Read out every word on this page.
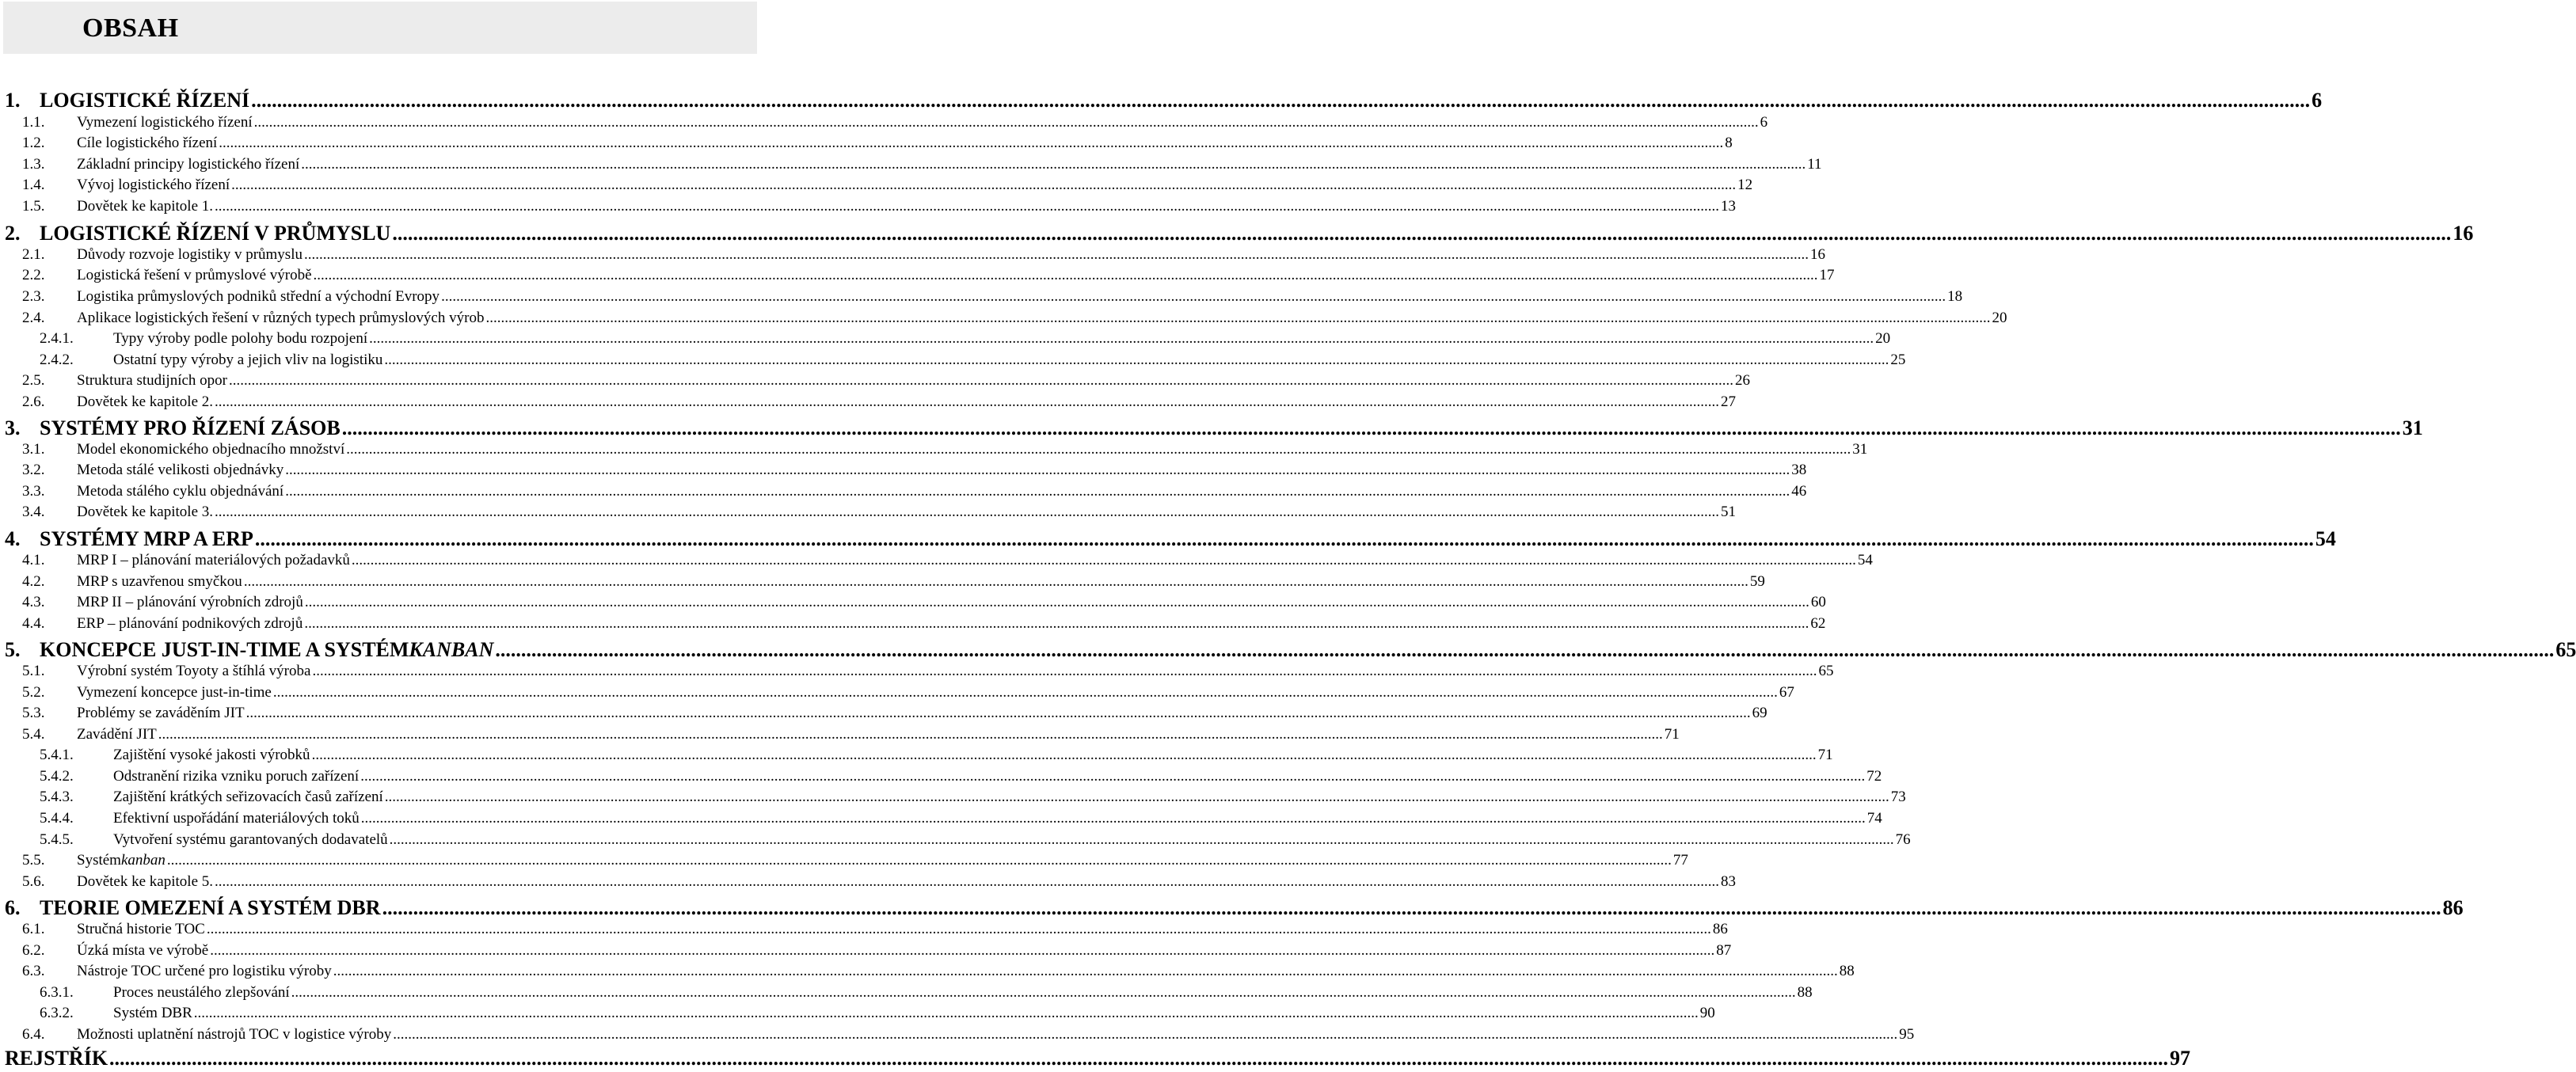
OBSAH
1. LOGISTICKÉ ŘÍZENÍ ................................................................................................................................................................................................................................................................................................................................................................................................................ 6
1.1. Vymezení logistického řízení ................................................................................................................................................................................................................................................................................................................................................................................................................ 6
1.2. Cíle logistického řízení ................................................................................................................................................................................................................................................................................................................................................................................................................ 8
1.3. Základní principy logistického řízení ................................................................................................................................................................................................................................................................................................................................................................................................................ 11
1.4. Vývoj logistického řízení ................................................................................................................................................................................................................................................................................................................................................................................................................ 12
1.5. Dovětek ke kapitole 1. ................................................................................................................................................................................................................................................................................................................................................................................................................ 13
2. LOGISTICKÉ ŘÍZENÍ V PRŮMYSLU ................................................................................................................................................................................................................................................................................................................................................................................................................ 16
2.1. Důvody rozvoje logistiky v průmyslu ................................................................................................................................................................................................................................................................................................................................................................................................................ 16
2.2. Logistická řešení v průmyslové výrobě ................................................................................................................................................................................................................................................................................................................................................................................................................ 17
2.3. Logistika průmyslových podniků střední a východní Evropy ................................................................................................................................................................................................................................................................................................................................................................................................................ 18
2.4. Aplikace logistických řešení v různých typech průmyslových výrob ................................................................................................................................................................................................................................................................................................................................................................................................................ 20
2.4.1.	Typy výroby podle polohy bodu rozpojení ................................................................................................................................................................................................................................................................................................................................................................................................................ 20
2.4.2.	Ostatní typy výroby a jejich vliv na logistiku ................................................................................................................................................................................................................................................................................................................................................................................................................ 25
2.5. Struktura studijních opor ................................................................................................................................................................................................................................................................................................................................................................................................................ 26
2.6. Dovětek ke kapitole 2. ................................................................................................................................................................................................................................................................................................................................................................................................................ 27
3. SYSTÉMY PRO ŘÍZENÍ ZÁSOB ................................................................................................................................................................................................................................................................................................................................................................................................................ 31
3.1. Model ekonomického objednacího množství ................................................................................................................................................................................................................................................................................................................................................................................................................ 31
3.2. Metoda stálé velikosti objednávky ................................................................................................................................................................................................................................................................................................................................................................................................................ 38
3.3. Metoda stálého cyklu objednávání ................................................................................................................................................................................................................................................................................................................................................................................................................ 46
3.4. Dovětek ke kapitole 3. ................................................................................................................................................................................................................................................................................................................................................................................................................ 51
4. SYSTÉMY MRP A ERP ................................................................................................................................................................................................................................................................................................................................................................................................................ 54
4.1. MRP I – plánování materiálových požadavků ................................................................................................................................................................................................................................................................................................................................................................................................................ 54
4.2. MRP s uzavřenou smyčkou ................................................................................................................................................................................................................................................................................................................................................................................................................ 59
4.3. MRP II – plánování výrobních zdrojů ................................................................................................................................................................................................................................................................................................................................................................................................................ 60
4.4. ERP – plánování podnikových zdrojů ................................................................................................................................................................................................................................................................................................................................................................................................................ 62
5. KONCEPCE JUST-IN-TIME A SYSTÉM KANBAN ................................................................................................................................................................................................................................................................................................................................................................................................................ 65
5.1. Výrobní systém Toyoty a štíhlá výroba ................................................................................................................................................................................................................................................................................................................................................................................................................ 65
5.2. Vymezení koncepce just-in-time ................................................................................................................................................................................................................................................................................................................................................................................................................ 67
5.3. Problémy se zaváděním JIT ................................................................................................................................................................................................................................................................................................................................................................................................................ 69
5.4. Zavádění JIT ................................................................................................................................................................................................................................................................................................................................................................................................................ 71
5.4.1.	Zajištění vysoké jakosti výrobků ................................................................................................................................................................................................................................................................................................................................................................................................................ 71
5.4.2.	Odstranění rizika vzniku poruch zařízení ................................................................................................................................................................................................................................................................................................................................................................................................................ 72
5.4.3.	Zajištění krátkých seřizovacích časů zařízení ................................................................................................................................................................................................................................................................................................................................................................................................................ 73
5.4.4.	Efektivní uspořádání materiálových toků ................................................................................................................................................................................................................................................................................................................................................................................................................ 74
5.4.5.	Vytvoření systému garantovaných dodavatelů ................................................................................................................................................................................................................................................................................................................................................................................................................ 76
5.5. Systém kanban ................................................................................................................................................................................................................................................................................................................................................................................................................ 77
5.6. Dovětek ke kapitole 5. ................................................................................................................................................................................................................................................................................................................................................................................................................ 83
6. TEORIE OMEZENÍ A SYSTÉM DBR ................................................................................................................................................................................................................................................................................................................................................................................................................ 86
6.1. Stručná historie TOC ................................................................................................................................................................................................................................................................................................................................................................................................................ 86
6.2. Úzká místa ve výrobě ................................................................................................................................................................................................................................................................................................................................................................................................................ 87
6.3. Nástroje TOC určené pro logistiku výroby ................................................................................................................................................................................................................................................................................................................................................................................................................ 88
6.3.1.	Proces neustálého zlepšování ................................................................................................................................................................................................................................................................................................................................................................................................................ 88
6.3.2.	Systém DBR ................................................................................................................................................................................................................................................................................................................................................................................................................ 90
6.4. Možnosti uplatnění nástrojů TOC v logistice výroby ................................................................................................................................................................................................................................................................................................................................................................................................................ 95
REJSTŘÍK ................................................................................................................................................................................................................................................................................................................................................................................................................ 97
